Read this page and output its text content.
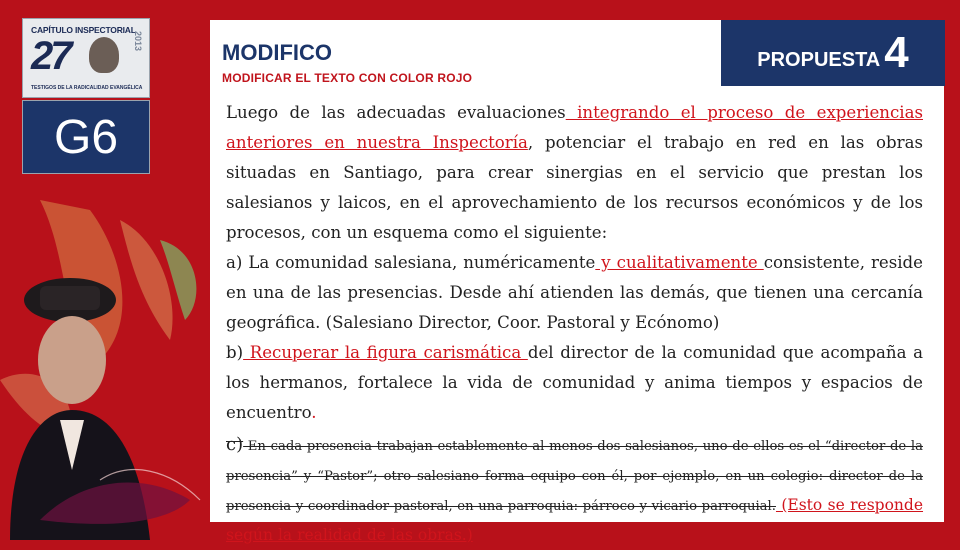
CAPÍTULO INSPECTORIAL
27	2013
TESTIGOS DE LA RADICALIDAD EVANGÉLICA
G6
MODIFICO
MODIFICAR EL TEXTO CON COLOR ROJO
PROPUESTA 4

Luego de las adecuadas evaluaciones integrando el proceso de experiencias anteriores en nuestra Inspectoría, potenciar el trabajo en red en las obras situadas en Santiago, para crear sinergias en el servicio que prestan los salesianos y laicos, en el aprovechamiento de los recursos económicos y de los procesos, con un esquema como el siguiente:

a) La comunidad salesiana, numéricamente y cualitativamente consistente, reside en una de las presencias. Desde ahí atienden las demás, que tienen una cercanía geográfica. (Salesiano Director, Coor. Pastoral y Ecónomo)

b) Recuperar la figura carismática del director de la comunidad que acompaña a los hermanos, fortalece la vida de comunidad y anima tiempos y espacios de encuentro.

c) En cada presencia trabajan establemente al menos dos salesianos, uno de ellos es el “director de la presencia” y “Pastor”; otro salesiano forma equipo con él, por ejemplo, en un colegio: director de la presencia y coordinador pastoral, en una parroquia: párroco y vicario parroquial. (Esto se responde según la realidad de las obras.)
